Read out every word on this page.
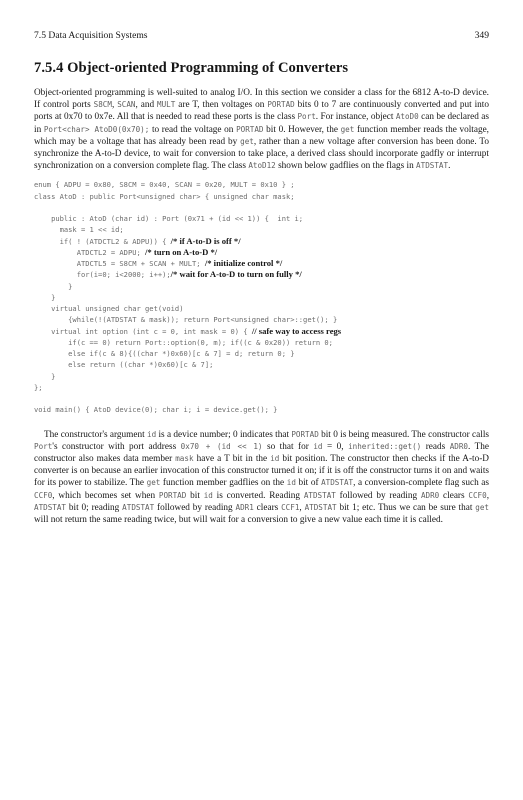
7.5 Data Acquisition Systems	349
7.5.4 Object-oriented Programming of Converters
Object-oriented programming is well-suited to analog I/O. In this section we consider a class for the 6812 A-to-D device. If control ports S8CM, SCAN, and MULT are T, then voltages on PORTAD bits 0 to 7 are continuously converted and put into ports at 0x70 to 0x7e. All that is needed to read these ports is the class Port. For instance, object AtoD0 can be declared as in Port<char> AtoD0(0x70); to read the voltage on PORTAD bit 0. However, the get function member reads the voltage, which may be a voltage that has already been read by get, rather than a new voltage after conversion has been done. To synchronize the A-to-D device, to wait for conversion to take place, a derived class should incorporate gadfly or interrupt synchronization on a conversion complete flag. The class AtoD12 shown below gadflies on the flags in ATDSTAT.
enum { ADPU = 0x80, S8CM = 0x40, SCAN = 0x20, MULT = 0x10 } ;
class AtoD : public Port<unsigned char> { unsigned char mask;
public : AtoD (char id) : Port (0x71 + (id << 1)) {  int i;
mask = 1 << id;
if( ! (ATDCTL2 & ADPU)) { /* if A-to-D is off */
ATDCTL2 = ADPU; /* turn on A-to-D */
ATDCTL5 = S8CM + SCAN + MULT; /* initialize control */
for(i=0; i<2000; i++);/* wait for A-to-D to turn on fully */
}
}
virtual unsigned char get(void)
{while(!(ATDSTAT & mask)); return Port<unsigned char>::get(); }
virtual int option (int c = 0, int mask = 0) { // safe way to access regs
if(c == 0) return Port::option(0, m); if((c & 0x20)) return 0;
else if(c & 8){((char *)0x60)[c & 7] = d; return 0; }
else return ((char *)0x60)[c & 7];
}
};
void main() { AtoD device(0); char i; i = device.get(); }
The constructor's argument id is a device number; 0 indicates that PORTAD bit 0 is being measured. The constructor calls Port's constructor with port address 0x70 + (id << 1) so that for id = 0, inherited::get() reads ADR0. The constructor also makes data member mask have a T bit in the id bit position. The constructor then checks if the A-to-D converter is on because an earlier invocation of this constructor turned it on; if it is off the constructor turns it on and waits for its power to stabilize. The get function member gadflies on the id bit of ATDSTAT, a conversion-complete flag such as CCF0, which becomes set when PORTAD bit id is converted. Reading ATDSTAT followed by reading ADR0 clears CCF0, ATDSTAT bit 0; reading ATDSTAT followed by reading ADR1 clears CCF1, ATDSTAT bit 1; etc. Thus we can be sure that get will not return the same reading twice, but will wait for a conversion to give a new value each time it is called.
